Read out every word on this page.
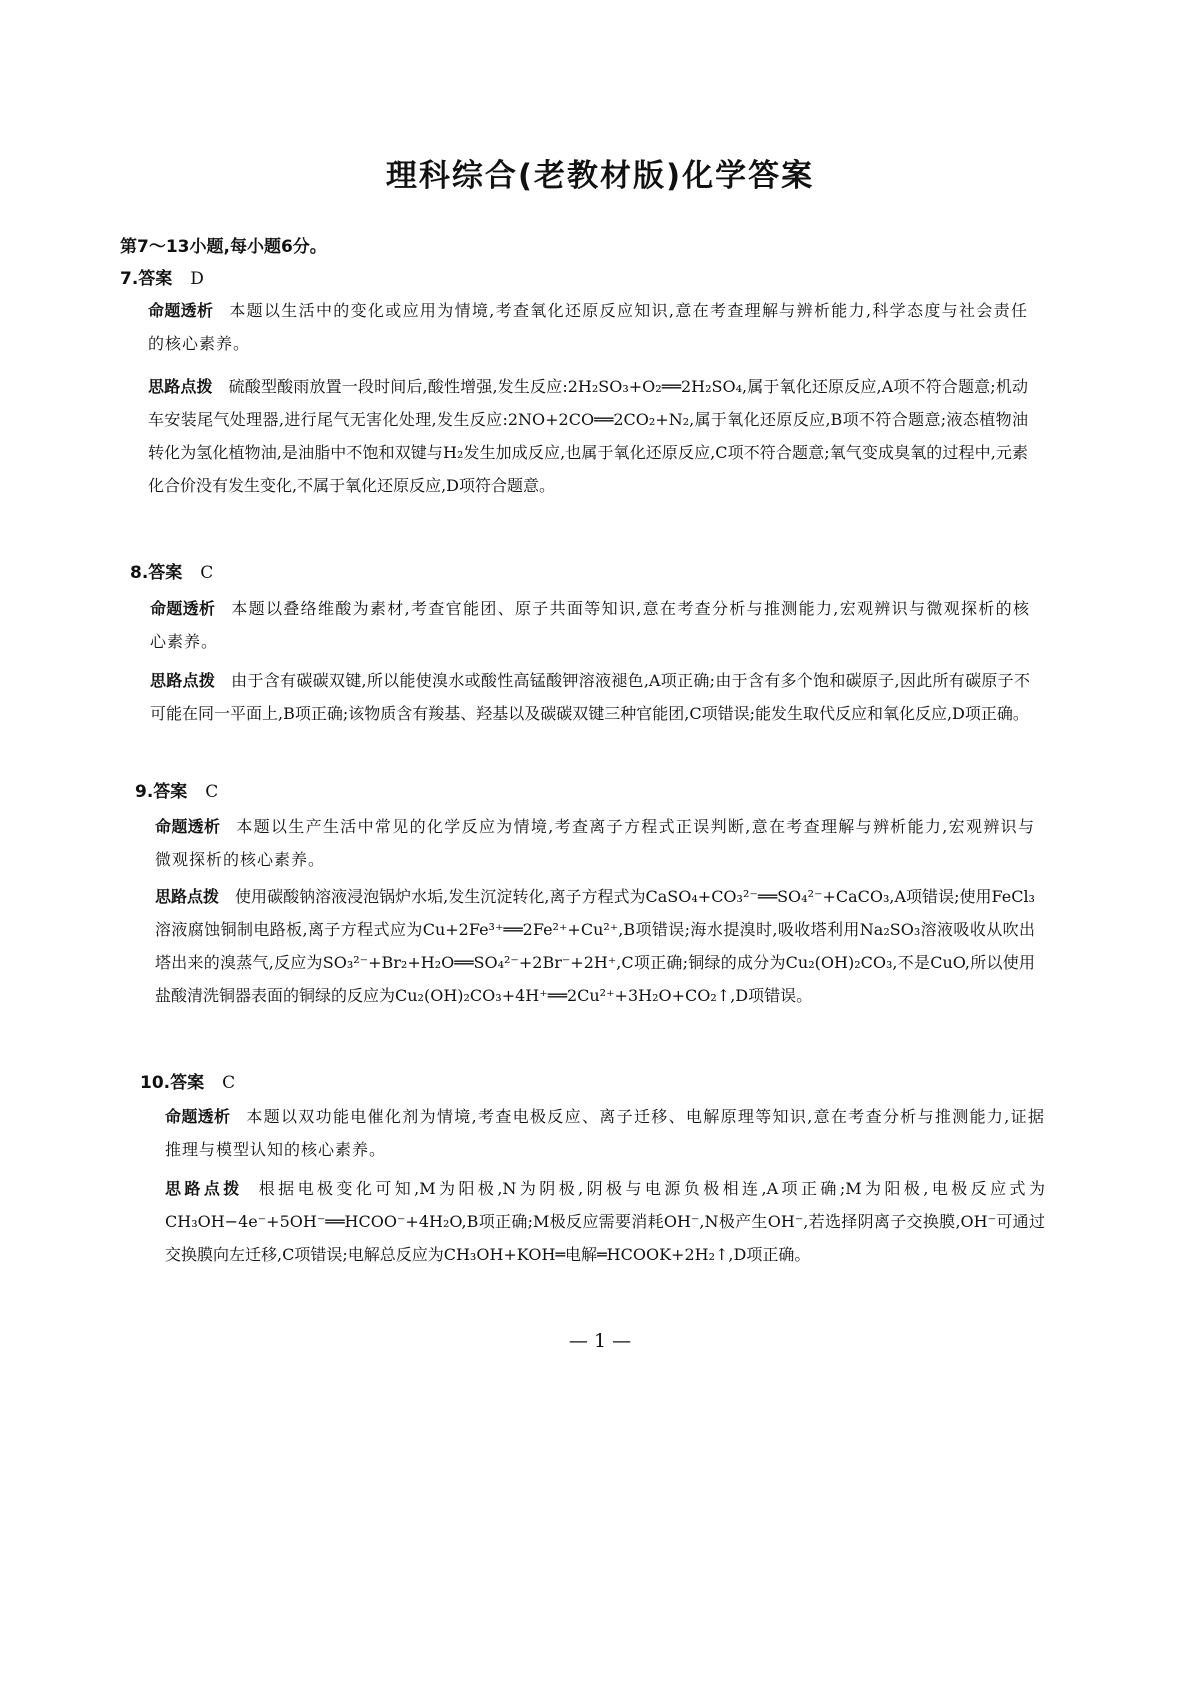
理科综合(老教材版)化学答案
第7～13小题,每小题6分。
7.答案 D
命题透析 本题以生活中的变化或应用为情境,考查氧化还原反应知识,意在考查理解与辨析能力,科学态度与社会责任的核心素养。
思路点拨 硫酸型酸雨放置一段时间后,酸性增强,发生反应:2H₂SO₃+O₂══2H₂SO₄,属于氧化还原反应,A项不符合题意;机动车安装尾气处理器,进行尾气无害化处理,发生反应:2NO+2CO══2CO₂+N₂,属于氧化还原反应,B项不符合题意;液态植物油转化为氢化植物油,是油脂中不饱和双键与H₂发生加成反应,也属于氧化还原反应,C项不符合题意;氧气变成臭氧的过程中,元素化合价没有发生变化,不属于氧化还原反应,D项符合题意。
8.答案 C
命题透析 本题以叠络维酸为素材,考查官能团、原子共面等知识,意在考查分析与推测能力,宏观辨识与微观探析的核心素养。
思路点拨 由于含有碳碳双键,所以能使溴水或酸性高锰酸钾溶液褪色,A项正确;由于含有多个饱和碳原子,因此所有碳原子不可能在同一平面上,B项正确;该物质含有羧基、羟基以及碳碳双键三种官能团,C项错误;能发生取代反应和氧化反应,D项正确。
9.答案 C
命题透析 本题以生产生活中常见的化学反应为情境,考查离子方程式正误判断,意在考查理解与辨析能力,宏观辨识与微观探析的核心素养。
思路点拨 使用碳酸钠溶液浸泡锅炉水垢,发生沉淀转化,离子方程式为CaSO₄+CO₃²⁻══SO₄²⁻+CaCO₃,A项错误;使用FeCl₃溶液腐蚀铜制电路板,离子方程式应为Cu+2Fe³⁺══2Fe²⁺+Cu²⁺,B项错误;海水提溴时,吸收塔利用Na₂SO₃溶液吸收从吹出塔出来的溴蒸气,反应为SO₃²⁻+Br₂+H₂O══SO₄²⁻+2Br⁻+2H⁺,C项正确;铜绿的成分为Cu₂(OH)₂CO₃,不是CuO,所以使用盐酸清洗铜器表面的铜绿的反应为Cu₂(OH)₂CO₃+4H⁺══2Cu²⁺+3H₂O+CO₂↑,D项错误。
10.答案 C
命题透析 本题以双功能电催化剂为情境,考查电极反应、离子迁移、电解原理等知识,意在考查分析与推测能力,证据推理与模型认知的核心素养。
思路点拨 根据电极变化可知,M为阳极,N为阴极,阴极与电源负极相连,A项正确;M为阳极,电极反应式为CH₃OH−4e⁻+5OH⁻══HCOO⁻+4H₂O,B项正确;M极反应需要消耗OH⁻,N极产生OH⁻,若选择阴离子交换膜,OH⁻可通过交换膜向左迁移,C项错误;电解总反应为CH₃OH+KOH═电解═HCOOK+2H₂↑,D项正确。
— 1 —
